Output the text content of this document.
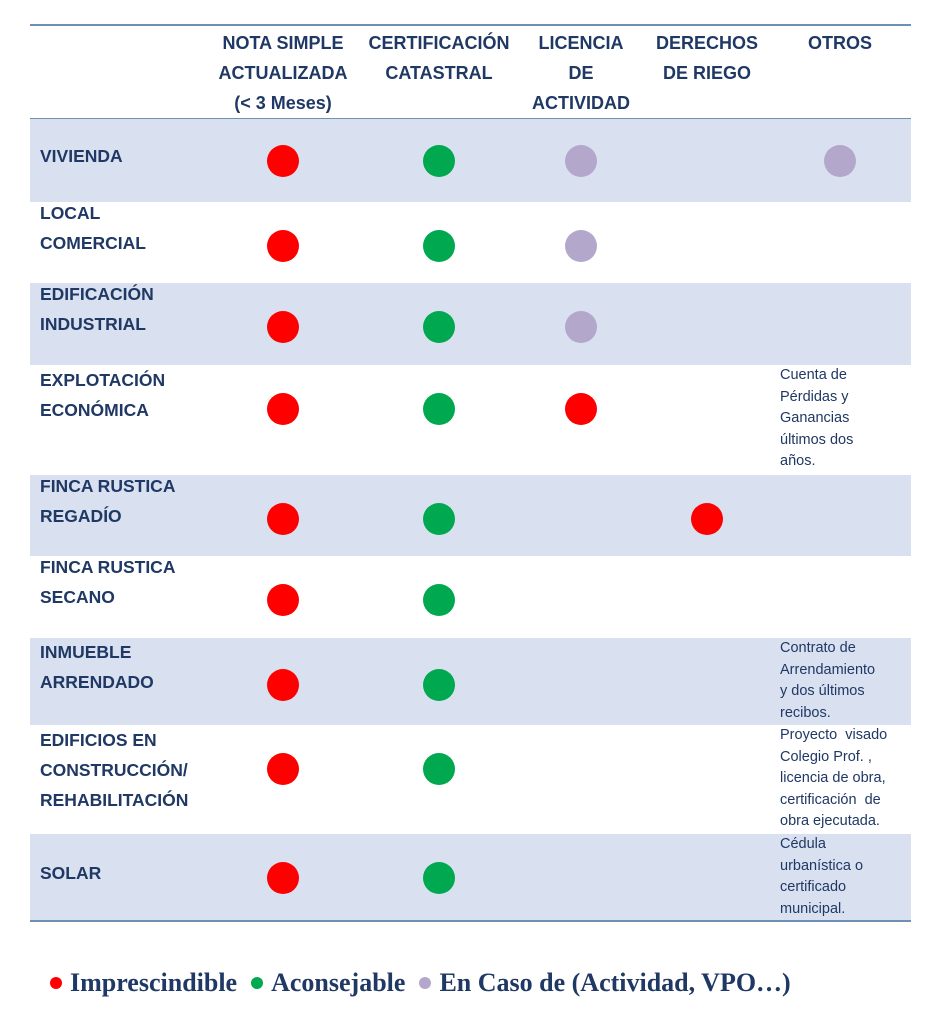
NOTA SIMPLE
ACTUALIZADA
(< 3 Meses)
CERTIFICACIÓN
CATASTRAL
LICENCIA
DE
ACTIVIDAD
DERECHOS
DE RIEGO
OTROS
VIVIENDA
LOCAL
COMERCIAL
EDIFICACIÓN
INDUSTRIAL
EXPLOTACIÓN
ECONÓMICA
Cuenta de
Pérdidas y
Ganancias
últimos dos
años.
FINCA RUSTICA
REGADÍO
FINCA RUSTICA
SECANO
INMUEBLE
ARRENDADO
Contrato de
Arrendamiento
y dos últimos
recibos.
EDIFICIOS EN
CONSTRUCCIÓN/
REHABILITACIÓN
Proyecto  visado
Colegio Prof. ,
licencia de obra,
certificación  de
obra ejecutada.
SOLAR
Cédula
urbanística o
certificado
municipal.
Imprescindible Aconsejable En Caso de (Actividad, VPO…)
